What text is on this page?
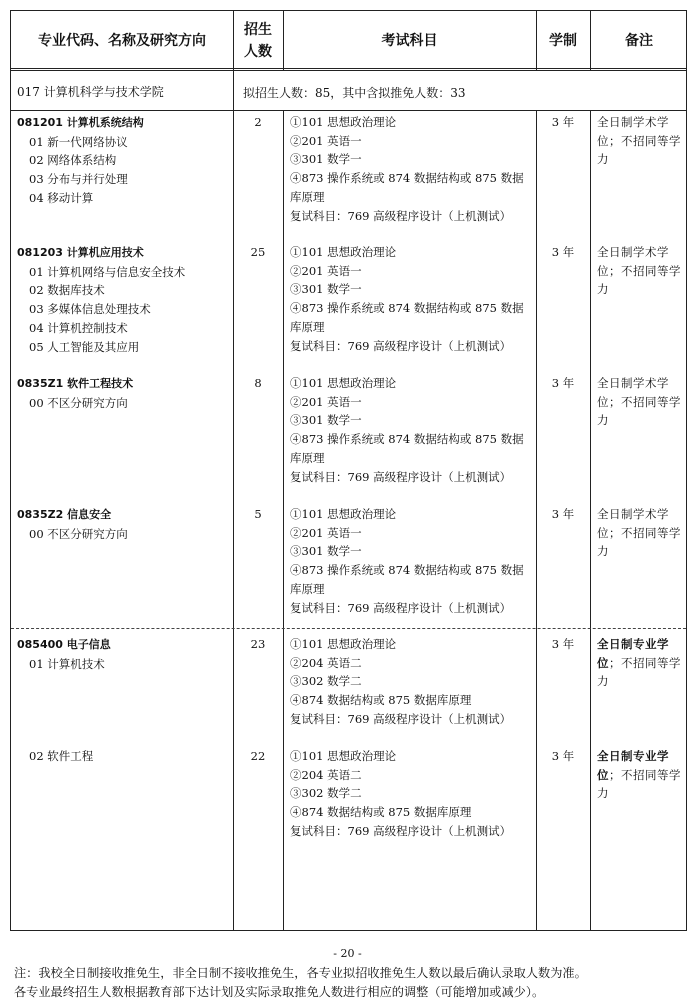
专业代码、名称及研究方向
招生
人数
考试科目	学制	备注
017 计算机科学与技术学院	拟招生人数：85，其中含拟推免人数：33
081201 计算机系统结构
01 新一代网络协议
02 网络体系结构
03 分布与并行处理
04 移动计算
2	①101 思想政治理论
②201 英语一
③301 数学一
④873 操作系统或 874 数据结构或 875 数据库原理
复试科目：769 高级程序设计（上机测试）
3 年	全日制学术学位；不招同等学力
081203 计算机应用技术
01 计算机网络与信息安全技术
02 数据库技术
03 多媒体信息处理技术
04 计算机控制技术
05 人工智能及其应用
25	①101 思想政治理论
②201 英语一
③301 数学一
④873 操作系统或 874 数据结构或 875 数据库原理
复试科目：769 高级程序设计（上机测试）
3 年	全日制学术学位；不招同等学力
0835Z1 软件工程技术
00 不区分研究方向
8	①101 思想政治理论
②201 英语一
③301 数学一
④873 操作系统或 874 数据结构或 875 数据库原理
复试科目：769 高级程序设计（上机测试）
3 年	全日制学术学位；不招同等学力
0835Z2 信息安全
00 不区分研究方向
5	①101 思想政治理论
②201 英语一
③301 数学一
④873 操作系统或 874 数据结构或 875 数据库原理
复试科目：769 高级程序设计（上机测试）
3 年	全日制学术学位；不招同等学力
085400 电子信息
01 计算机技术
23	①101 思想政治理论
②204 英语二
③302 数学二
④874 数据结构或 875 数据库原理
复试科目：769 高级程序设计（上机测试）
3 年	全日制专业学位；不招同等学力
02 软件工程	22	①101 思想政治理论
②204 英语二
③302 数学二
④874 数据结构或 875 数据库原理
复试科目：769 高级程序设计（上机测试）
3 年	全日制专业学位；不招同等学力
- 20 -
注：我校全日制接收推免生，非全日制不接收推免生，各专业拟招收推免生人数以最后确认录取人数为准。
各专业最终招生人数根据教育部下达计划及实际录取推免人数进行相应的调整（可能增加或减少）。
